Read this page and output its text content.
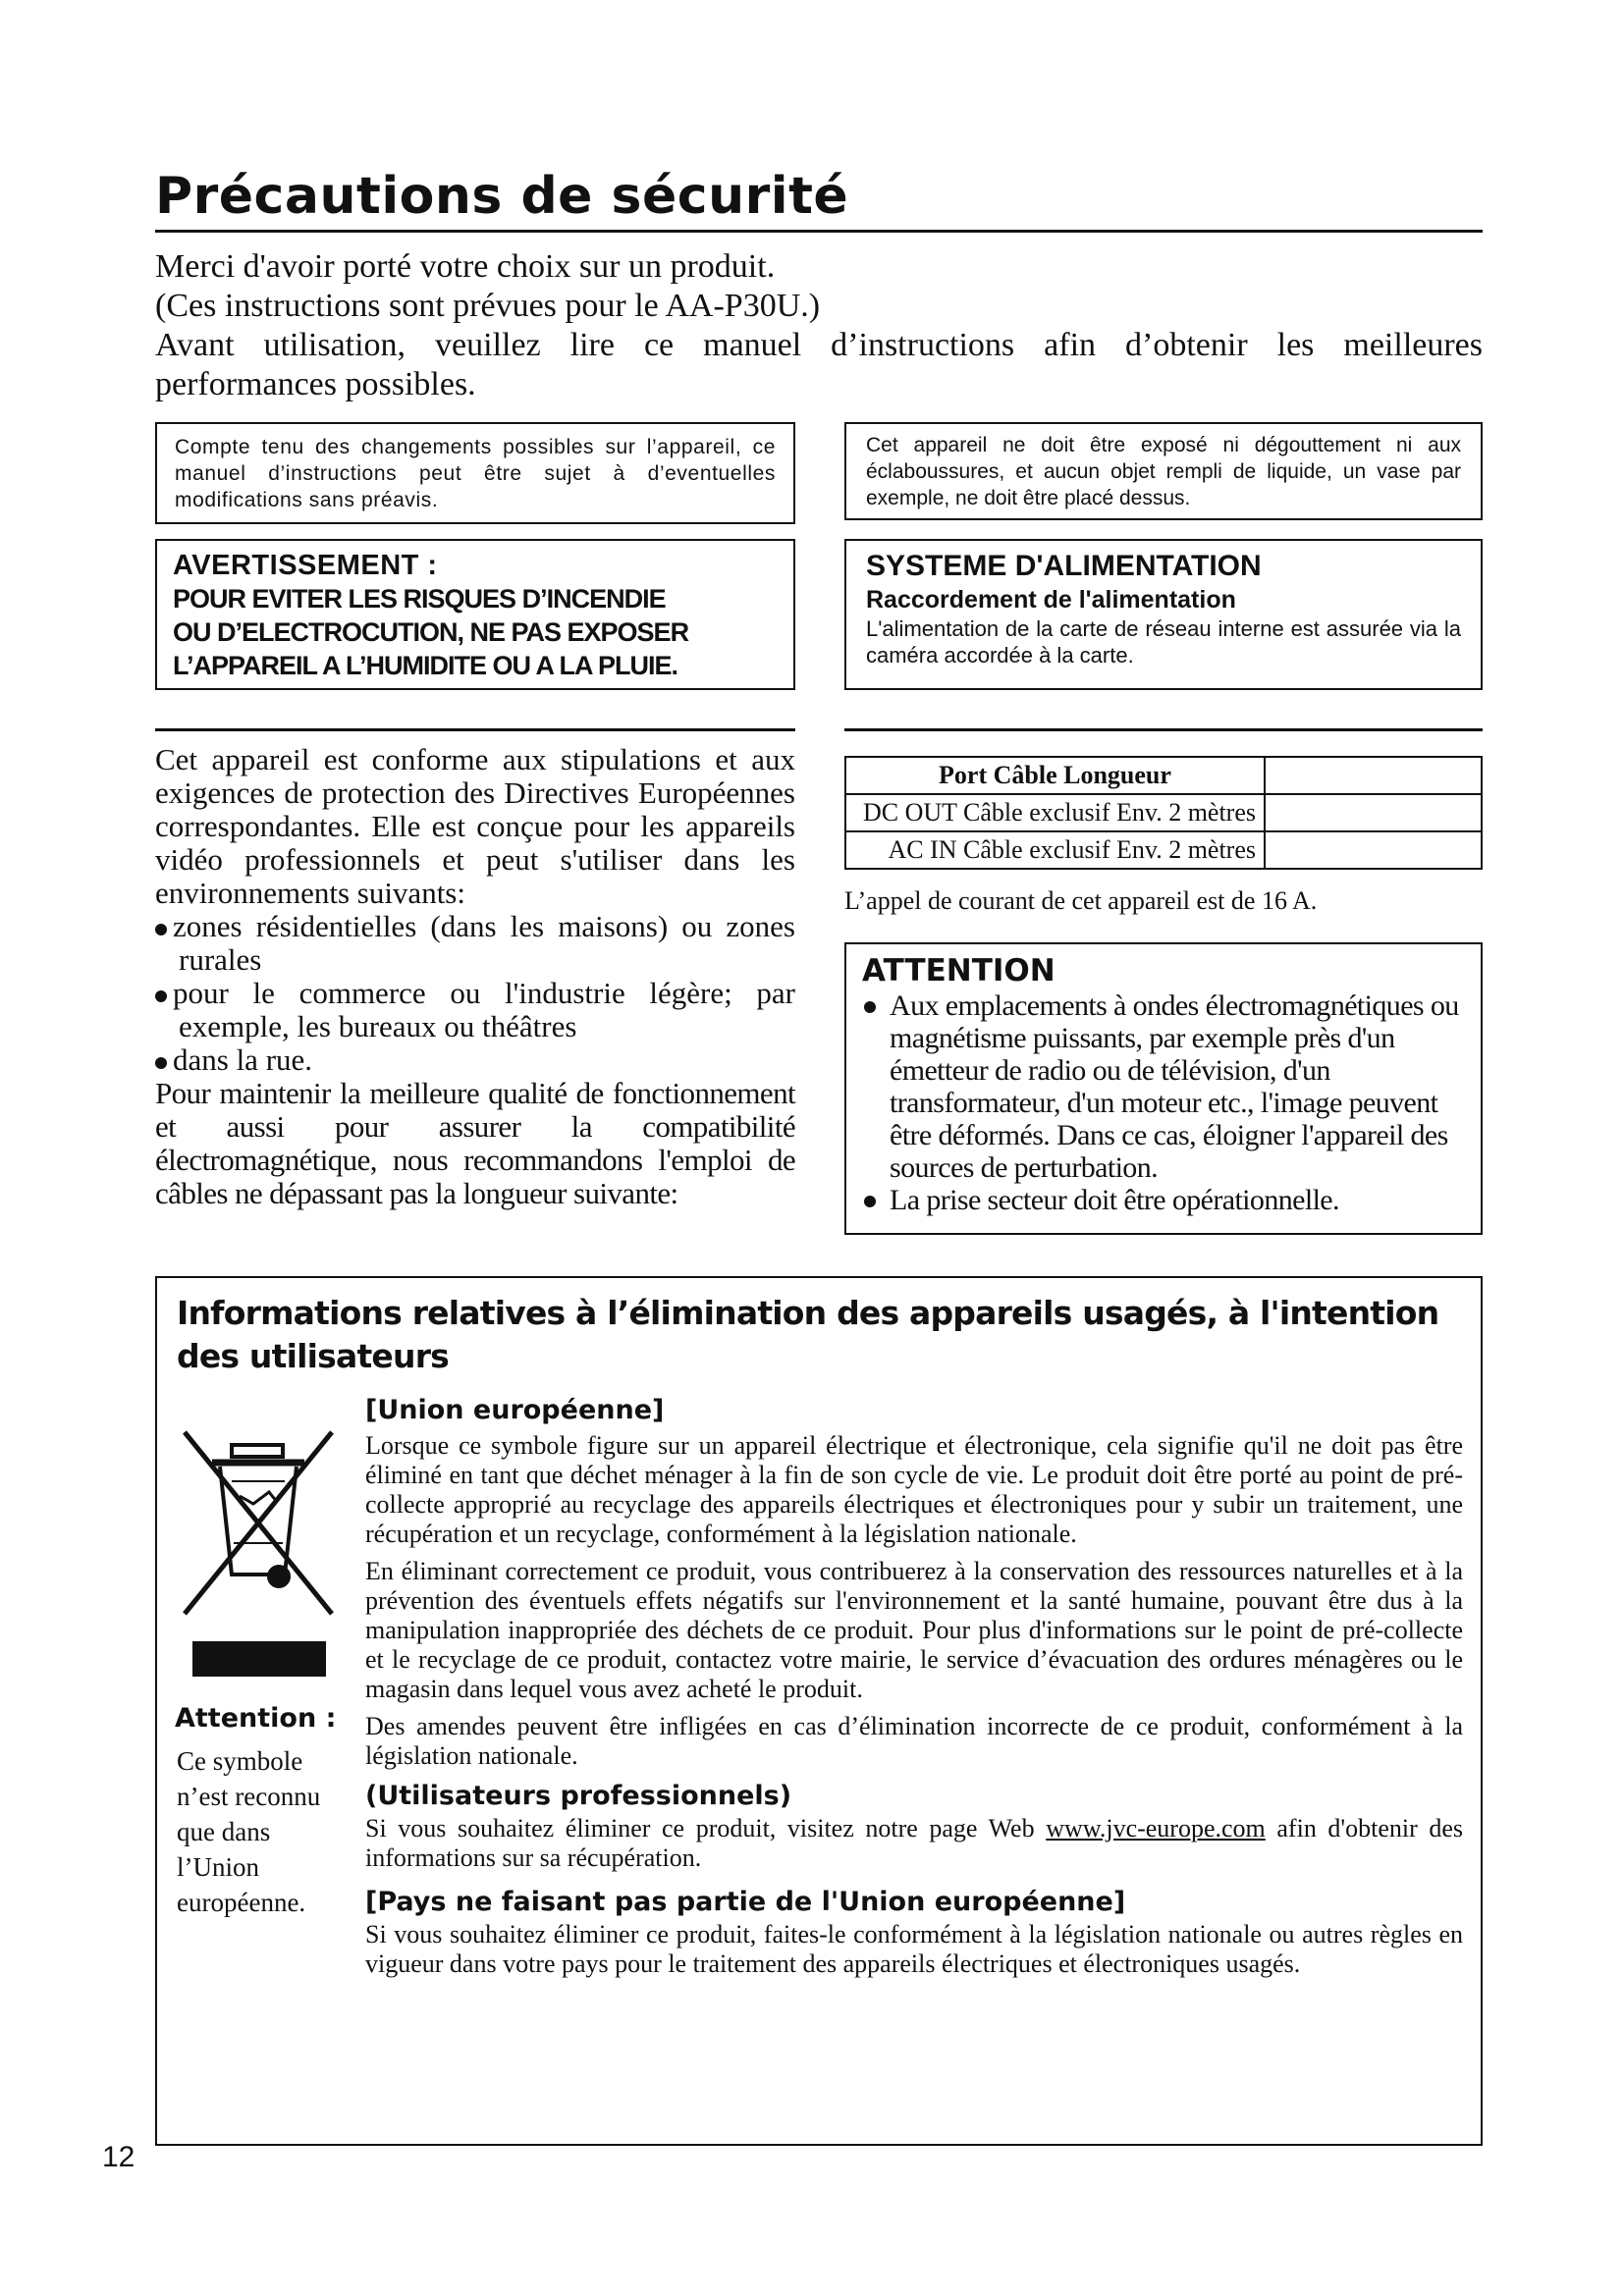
Précautions de sécurité

Merci d'avoir porté votre choix sur un produit.

(Ces instructions sont prévues pour le AA-P30U.)

Avant utilisation, veuillez lire ce manuel d’instructions afin d’obtenir les meilleures

performances possibles.

Compte tenu des changements possibles sur l’appareil, ce manuel d’instructions peut être sujet à d’eventuelles modifications sans préavis.
Cet appareil ne doit être exposé ni dégouttement ni aux éclaboussures, et aucun objet rempli de liquide, un vase par exemple, ne doit être placé dessus.
AVERTISSEMENT :
POUR EVITER LES RISQUES D’INCENDIE
OU D’ELECTROCUTION, NE PAS EXPOSER
L’APPAREIL A L’HUMIDITE OU A LA PLUIE.
SYSTEME D'ALIMENTATION
Raccordement de l'alimentation
L'alimentation de la carte de réseau interne est assurée via la caméra accordée à la carte.

Cet appareil est conforme aux stipulations et aux exigences de protection des Directives Européennes correspondantes. Elle est conçue pour les appareils vidéo professionnels et peut s'utiliser dans les environnements suivants:

zones résidentielles (dans les maisons) ou zones rurales

pour le commerce ou l'industrie légère; par exemple, les bureaux ou théâtres

dans la rue.

Pour maintenir la meilleure qualité de fonctionnement et aussi pour assurer la compatibilité électromagnétique, nous recommandons l'emploi de câbles ne dépassant pas la longueur suivante:

Port Câble Longueur	
DC OUT Câble exclusif Env. 2 mètres	
AC IN Câble exclusif Env. 2 mètres	
L’appel de courant de cet appareil est de 16 A.
ATTENTION
Aux emplacements à ondes électromagnétiques ou magnétisme puissants, par exemple près d'un émetteur de radio ou de télévision, d'un transformateur, d'un moteur etc., l'image peuvent être déformés. Dans ce cas, éloigner l'appareil des sources de perturbation.
La prise secteur doit être opérationnelle.
Informations relatives à l’élimination des appareils usagés, à l'intention des utilisateurs
Attention :
Ce symbole n’est reconnu que dans l’Union européenne.

[Union européenne]

Lorsque ce symbole figure sur un appareil électrique et électronique, cela signifie qu'il ne doit pas être éliminé en tant que déchet ménager à la fin de son cycle de vie. Le produit doit être porté au point de pré-collecte approprié au recyclage des appareils électriques et électroniques pour y subir un traitement, une récupération et un recyclage, conformément à la législation nationale.

En éliminant correctement ce produit, vous contribuerez à la conservation des ressources naturelles et à la prévention des éventuels effets négatifs sur l'environnement et la santé humaine, pouvant être dus à la manipulation inappropriée des déchets de ce produit. Pour plus d'informations sur le point de pré-collecte et le recyclage de ce produit, contactez votre mairie, le service d’évacuation des ordures ménagères ou le magasin dans lequel vous avez acheté le produit.

Des amendes peuvent être infligées en cas d’élimination incorrecte de ce produit, conformément à la législation nationale.

(Utilisateurs professionnels)

Si vous souhaitez éliminer ce produit, visitez notre page Web www.jvc-europe.com afin d'obtenir des informations sur sa récupération.

[Pays ne faisant pas partie de l'Union européenne]

Si vous souhaitez éliminer ce produit, faites-le conformément à la législation nationale ou autres règles en vigueur dans votre pays pour le traitement des appareils électriques et électroniques usagés.

12
